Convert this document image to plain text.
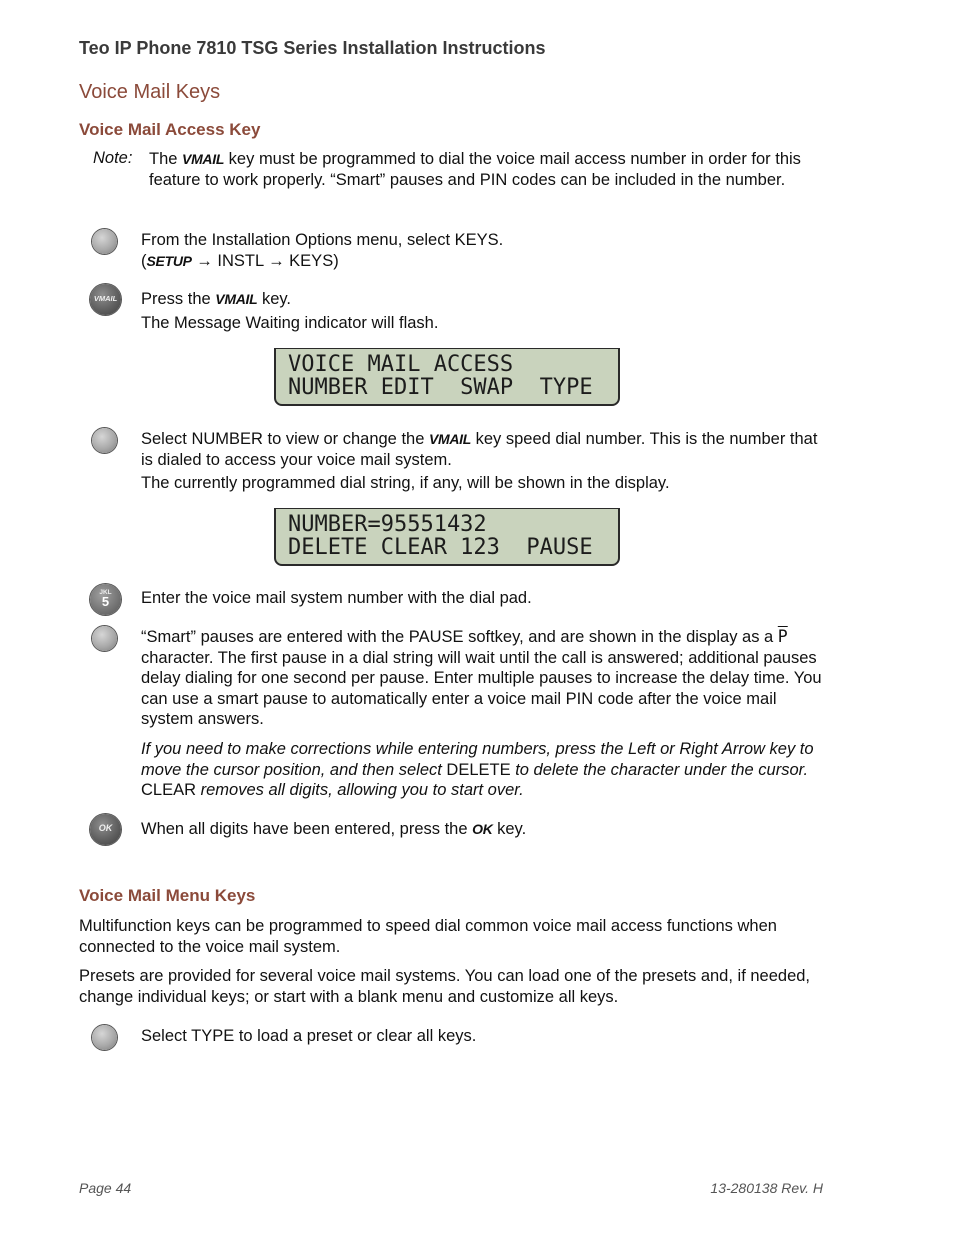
Teo IP Phone 7810 TSG Series Installation Instructions
Voice Mail Keys
Voice Mail Access Key
Note: The VMAIL key must be programmed to dial the voice mail access number in order for this feature to work properly. “Smart” pauses and PIN codes can be included in the number.
From the Installation Options menu, select KEYS.
(SETUP → INSTL → KEYS)
VMAIL Press the VMAIL key.
The Message Waiting indicator will flash.
VOICE MAIL ACCESS
NUMBER EDIT  SWAP  TYPE
Select NUMBER to view or change the VMAIL key speed dial number. This is the number that is dialed to access your voice mail system.
The currently programmed dial string, if any, will be shown in the display.
NUMBER=95551432
DELETE CLEAR 123  PAUSE
JKL
5	Enter the voice mail system number with the dial pad.
“Smart” pauses are entered with the PAUSE softkey, and are shown in the display as a $\overline{P}$ character. The first pause in a dial string will wait until the call is answered; additional pauses delay dialing for one second per pause. Enter multiple pauses to increase the delay time. You can use a smart pause to automatically enter a voice mail PIN code after the voice mail system answers.
If you need to make corrections while entering numbers, press the Left or Right Arrow key to move the cursor position, and then select DELETE to delete the character under the cursor. CLEAR removes all digits, allowing you to start over.
OK	When all digits have been entered, press the OK key.
Voice Mail Menu Keys
Multifunction keys can be programmed to speed dial common voice mail access functions when connected to the voice mail system.
Presets are provided for several voice mail systems. You can load one of the presets and, if needed, change individual keys; or start with a blank menu and customize all keys.
Select TYPE to load a preset or clear all keys.
Page 44	13-280138 Rev. H
